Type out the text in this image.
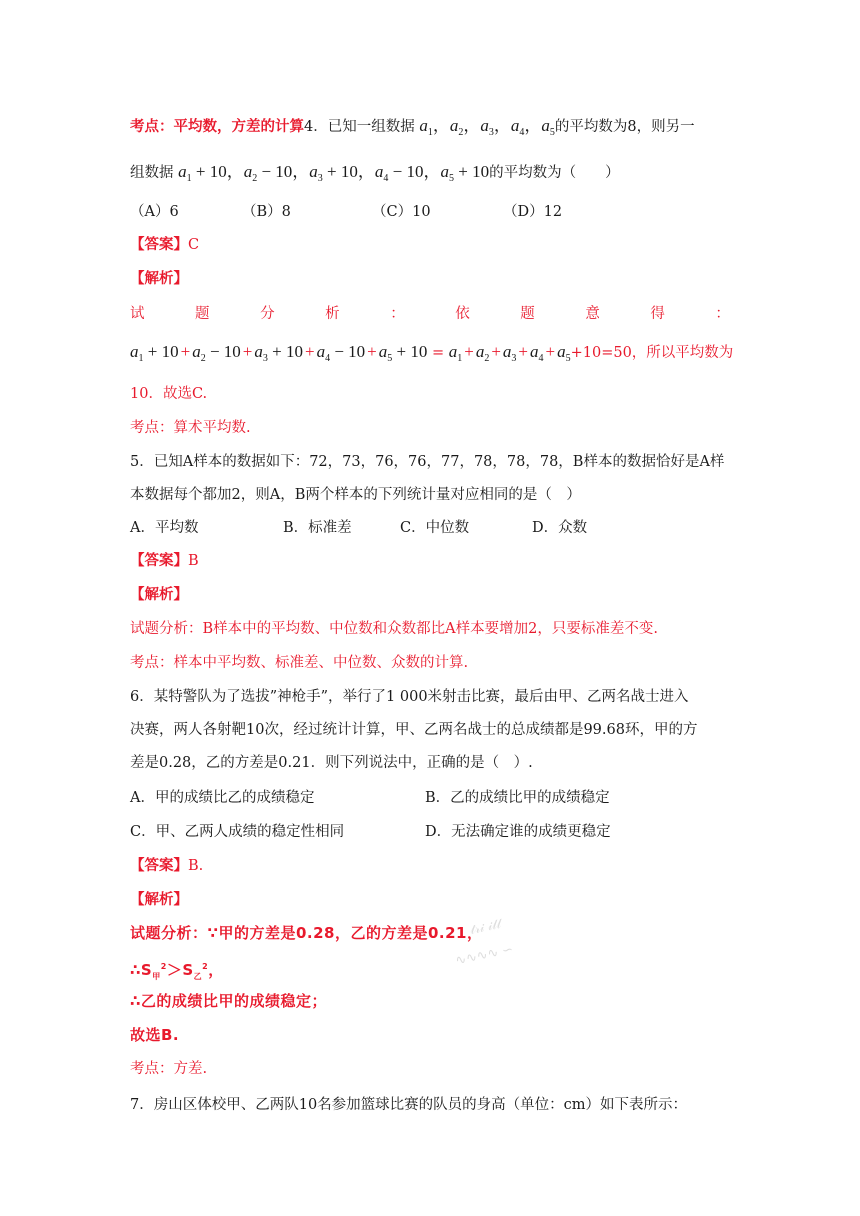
考点：平均数，方差的计算4．已知一组数据 $a_1$，$a_2$，$a_3$，$a_4$，$a_5$的平均数为8，则另一
组数据 $a_1 + 10$，$a_2 - 10$，$a_3 + 10$，$a_4 - 10$，$a_5 + 10$的平均数为（　　）
（A）6	（B）8	（C）10	（D）12
【答案】C
【解析】
试	题	分	析	：	依	题	意	得	：
$a_1 + 10 + a_2 - 10 + a_3 + 10 + a_4 - 10 + a_5 + 10 = a_1 + a_2 + a_3 + a_4 + a_5+10=50$，所以平均数为
10．故选C.
考点：算术平均数.
5．已知A样本的数据如下：72，73，76，76，77，78，78，78，B样本的数据恰好是A样
本数据每个都加2，则A，B两个样本的下列统计量对应相同的是（　）
A．平均数	B．标准差	C．中位数	D．众数
【答案】B
【解析】
试题分析：B样本中的平均数、中位数和众数都比A样本要增加2，只要标准差不变.
考点：样本中平均数、标准差、中位数、众数的计算.
6．某特警队为了选拔”神枪手”，举行了1 000米射击比赛，最后由甲、乙两名战士进入
决赛，两人各射靶10次，经过统计计算，甲、乙两名战士的总成绩都是99.68环，甲的方
差是0.28，乙的方差是0.21．则下列说法中，正确的是（　）.
A．甲的成绩比乙的成绩稳定	B．乙的成绩比甲的成绩稳定
C．甲、乙两人成绩的稳定性相同	D．无法确定谁的成绩更稳定
【答案】B.
【解析】
𝓉𝓇𝒾 𝒾𝓁𝓁
∿∿∿∿ ∽
试题分析：∵甲的方差是0.28，乙的方差是0.21，
$\therefore S_甲^2>S_乙^2$，
∴乙的成绩比甲的成绩稳定；
故选B.
考点：方差.
7．房山区体校甲、乙两队10名参加篮球比赛的队员的身高（单位：cm）如下表所示：
